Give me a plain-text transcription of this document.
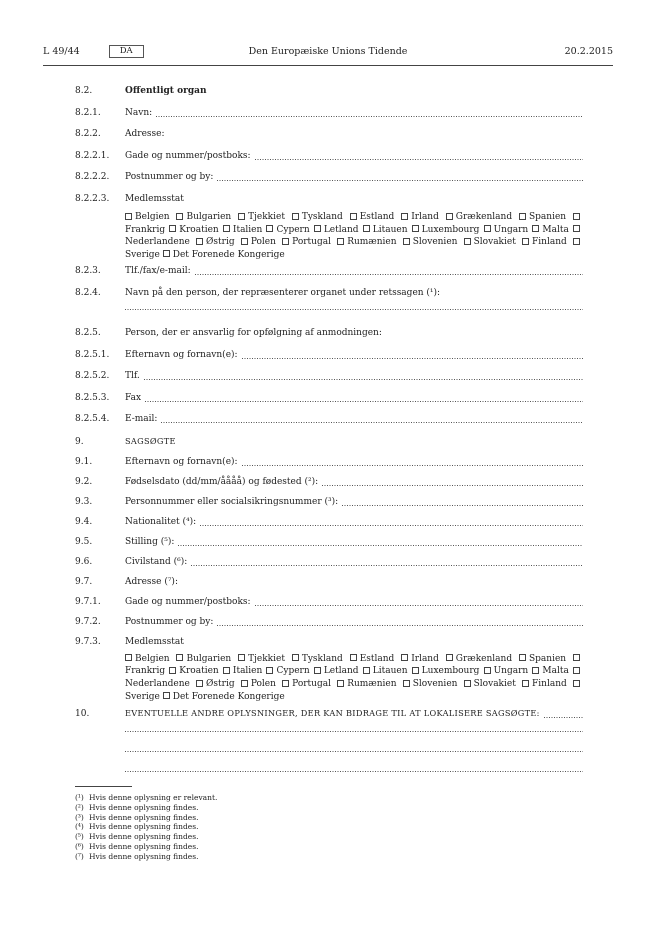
Den Europæiske Unions Tidende
L 49/44	DA	20.2.2015
8.2.	Offentligt organ
8.2.1.	Navn:
8.2.2.	Adresse:
8.2.2.1.	Gade og nummer/postboks:
8.2.2.2.	Postnummer og by:
8.2.2.3.	Medlemsstat
Belgien Bulgarien Tjekkiet Tyskland Estland Irland Grækenland Spanien Frankrig Kroatien Italien Cypern Letland Litauen Luxembourg Ungarn Malta Nederlandene Østrig Polen Portugal Rumænien Slovenien Slovakiet Finland Sverige Det Forenede Kongerige
8.2.3.	Tlf./fax/e-mail:
8.2.4.	Navn på den person, der repræsenterer organet under retssagen (¹):
8.2.5.	Person, der er ansvarlig for opfølgning af anmodningen:
8.2.5.1.	Efternavn og fornavn(e):
8.2.5.2.	Tlf.
8.2.5.3.	Fax
8.2.5.4.	E-mail:
9.	SAGSØGTE
9.1.	Efternavn og fornavn(e):
9.2.	Fødselsdato (dd/mm/åååå) og fødested (²):
9.3.	Personnummer eller socialsikringsnummer (³):
9.4.	Nationalitet (⁴):
9.5.	Stilling (⁵):
9.6.	Civilstand (⁶):
9.7.	Adresse (⁷):
9.7.1.	Gade og nummer/postboks:
9.7.2.	Postnummer og by:
9.7.3.	Medlemsstat
Belgien Bulgarien Tjekkiet Tyskland Estland Irland Grækenland Spanien Frankrig Kroatien Italien Cypern Letland Litauen Luxembourg Ungarn Malta Nederlandene Østrig Polen Portugal Rumænien Slovenien Slovakiet Finland Sverige Det Forenede Kongerige
10.	EVENTUELLE ANDRE OPLYSNINGER, DER KAN BIDRAGE TIL AT LOKALISERE SAGSØGTE:
(¹) Hvis denne oplysning er relevant.
(²) Hvis denne oplysning findes.
(³) Hvis denne oplysning findes.
(⁴) Hvis denne oplysning findes.
(⁵) Hvis denne oplysning findes.
(⁶) Hvis denne oplysning findes.
(⁷) Hvis denne oplysning findes.
